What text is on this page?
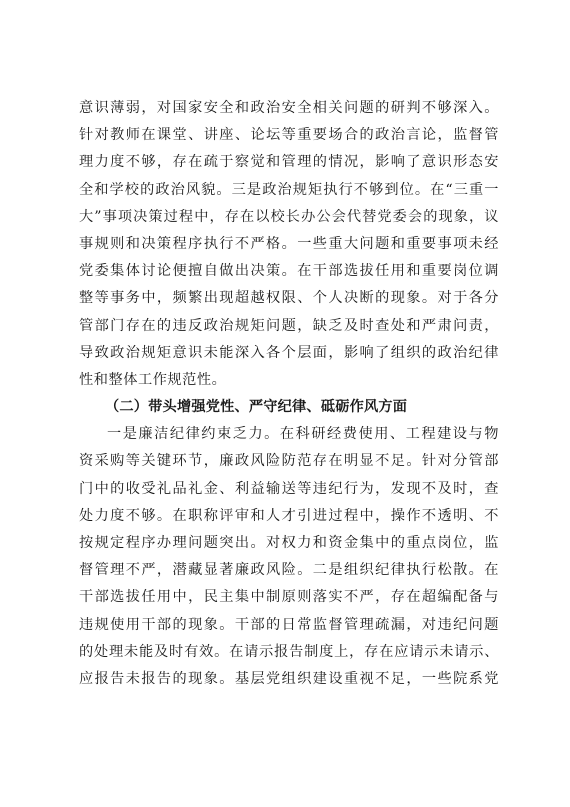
意识薄弱，对国家安全和政治安全相关问题的研判不够深入。
针对教师在课堂、讲座、论坛等重要场合的政治言论，监督管
理力度不够，存在疏于察觉和管理的情况，影响了意识形态安
全和学校的政治风貌。三是政治规矩执行不够到位。在“三重一
大”事项决策过程中，存在以校长办公会代替党委会的现象，议
事规则和决策程序执行不严格。一些重大问题和重要事项未经
党委集体讨论便擅自做出决策。在干部选拔任用和重要岗位调
整等事务中，频繁出现超越权限、个人决断的现象。对于各分
管部门存在的违反政治规矩问题，缺乏及时查处和严肃问责，
导致政治规矩意识未能深入各个层面，影响了组织的政治纪律
性和整体工作规范性。
（二）带头增强党性、严守纪律、砥砺作风方面
一是廉洁纪律约束乏力。在科研经费使用、工程建设与物
资采购等关键环节，廉政风险防范存在明显不足。针对分管部
门中的收受礼品礼金、利益输送等违纪行为，发现不及时，查
处力度不够。在职称评审和人才引进过程中，操作不透明、不
按规定程序办理问题突出。对权力和资金集中的重点岗位，监
督管理不严，潜藏显著廉政风险。二是组织纪律执行松散。在
干部选拔任用中，民主集中制原则落实不严，存在超编配备与
违规使用干部的现象。干部的日常监督管理疏漏，对违纪问题
的处理未能及时有效。在请示报告制度上，存在应请示未请示、
应报告未报告的现象。基层党组织建设重视不足，一些院系党
